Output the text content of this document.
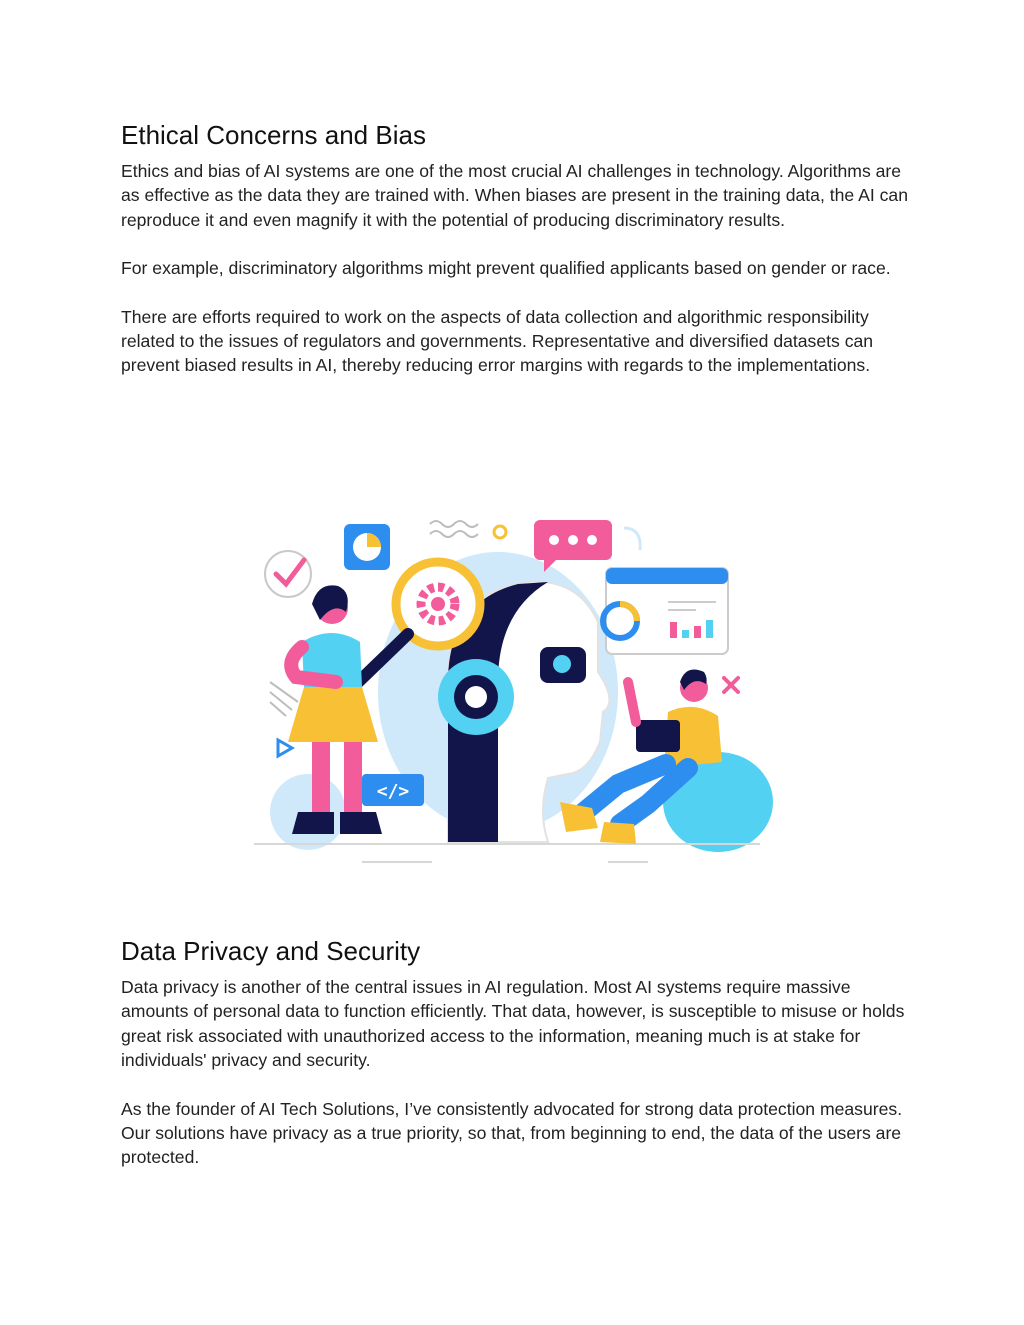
Ethical Concerns and Bias

Ethics and bias of AI systems are one of the most crucial AI challenges in technology. Algorithms are as effective as the data they are trained with. When biases are present in the training data, the AI can reproduce it and even magnify it with the potential of producing discriminatory results.

For example, discriminatory algorithms might prevent qualified applicants based on gender or race.

There are efforts required to work on the aspects of data collection and algorithmic responsibility related to the issues of regulators and governments. Representative and diversified datasets can prevent biased results in AI, thereby reducing error margins with regards to the implementations.

</>
Data Privacy and Security

Data privacy is another of the central issues in AI regulation. Most AI systems require massive amounts of personal data to function efficiently. That data, however, is susceptible to misuse or holds great risk associated with unauthorized access to the information, meaning much is at stake for individuals' privacy and security.

As the founder of AI Tech Solutions, I’ve consistently advocated for strong data protection measures. Our solutions have privacy as a true priority, so that, from beginning to end, the data of the users are protected.
